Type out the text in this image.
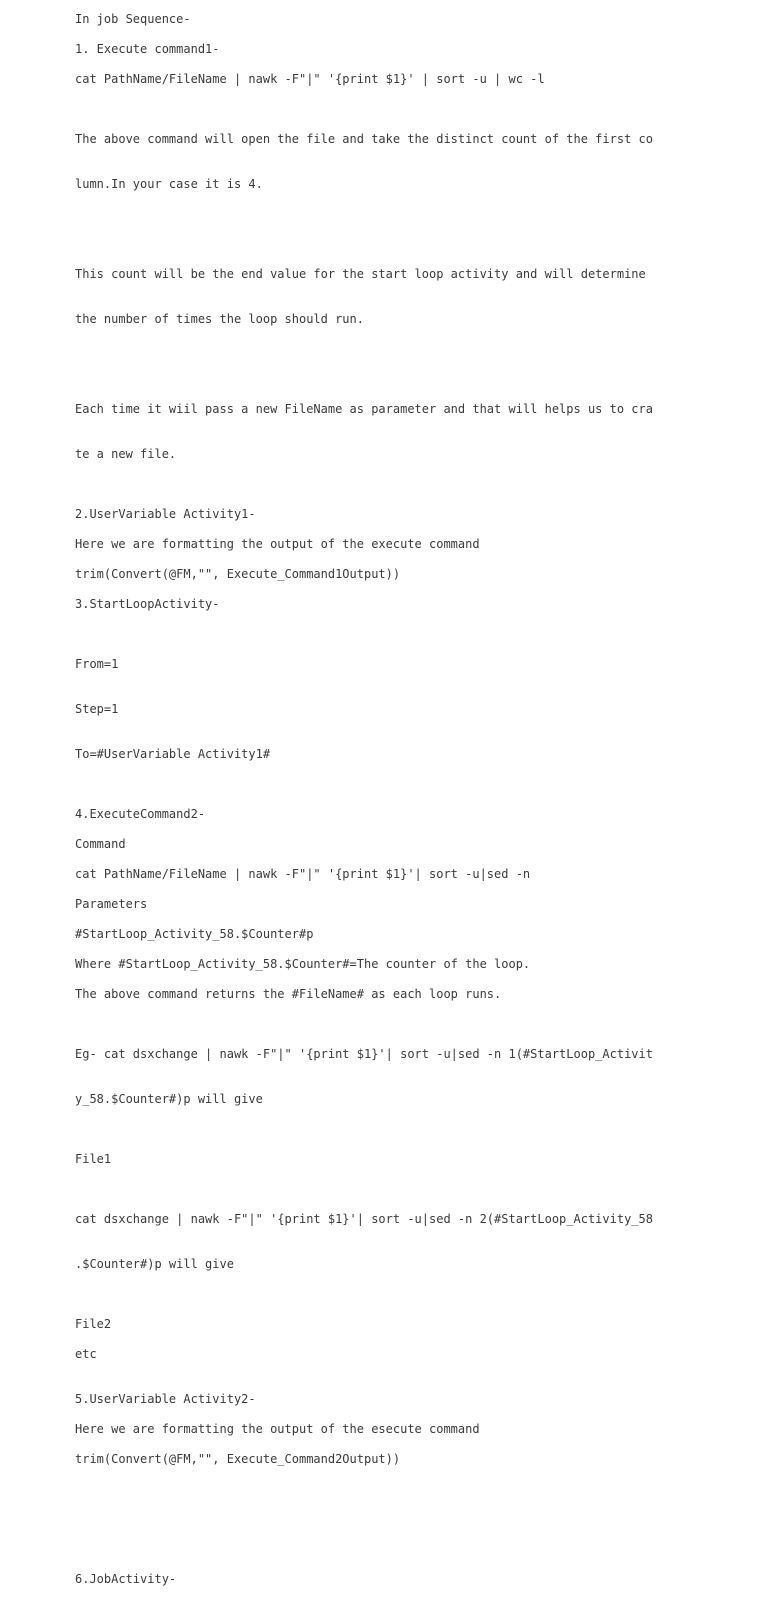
In job Sequence-

1. Execute command1-

cat PathName/FileName | nawk -F"|" '{print $1}' | sort -u | wc -l

The above command will open the file and take the distinct count of the first co

lumn.In your case it is 4.

This count will be the end value for the start loop activity and will determine

the number of times the loop should run.

Each time it wiil pass a new FileName as parameter and that will helps us to cra

te a new file.

2.UserVariable Activity1-

Here we are formatting the output of the execute command

trim(Convert(@FM,"", Execute_Command1Output))

3.StartLoopActivity-

From=1

Step=1

To=#UserVariable Activity1#

4.ExecuteCommand2-

Command

cat PathName/FileName | nawk -F"|" '{print $1}'| sort -u|sed -n

Parameters

#StartLoop_Activity_58.$Counter#p

Where #StartLoop_Activity_58.$Counter#=The counter of the loop.

The above command returns the #FileName# as each loop runs.

Eg- cat dsxchange | nawk -F"|" '{print $1}'| sort -u|sed -n 1(#StartLoop_Activit

y_58.$Counter#)p will give

File1

cat dsxchange | nawk -F"|" '{print $1}'| sort -u|sed -n 2(#StartLoop_Activity_58

.$Counter#)p will give

File2

etc

5.UserVariable Activity2-

Here we are formatting the output of the esecute command

trim(Convert(@FM,"", Execute_Command2Output))

6.JobActivity-
